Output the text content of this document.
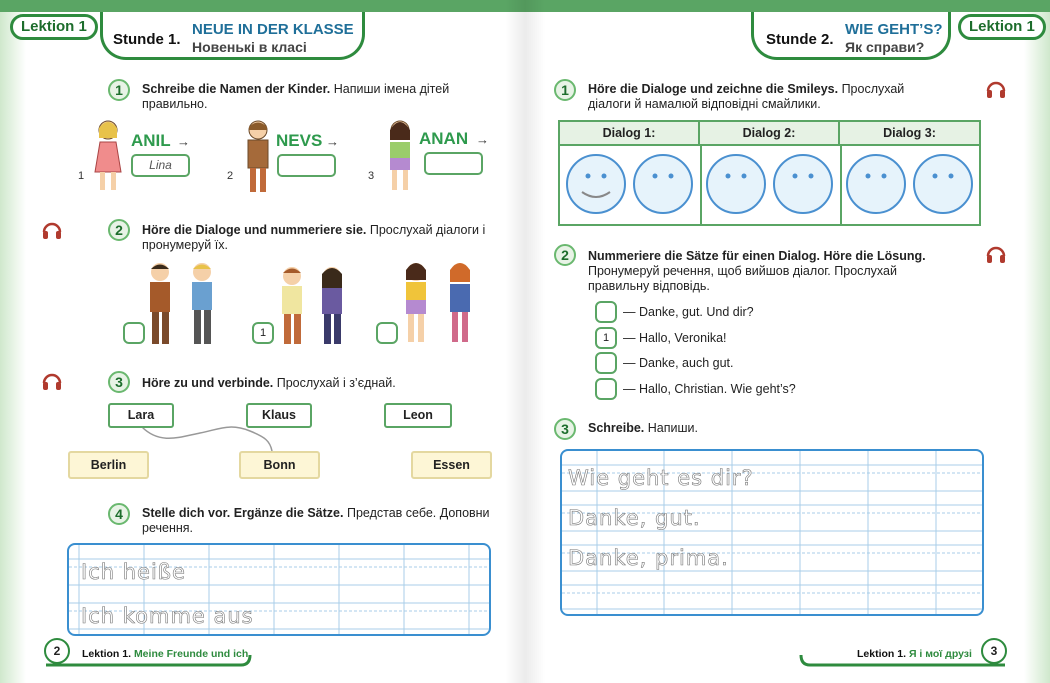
Lektion 1
Stunde 1.
NEUE IN DER KLASSE
Новенькі в класі
1	Schreibe die Namen der Kinder. Напиши імена дітей правильно.
1
ANIL →
Lina
2
NEVS →
3
ANAN →
2	Höre die Dialoge und nummeriere sie. Прослухай діалоги і пронумеруй їх.
1
3	Höre zu und verbinde. Прослухай і з’єднай.
Lara	Klaus	Leon
Berlin	Bonn	Essen
4	Stelle dich vor. Ergänze die Sätze. Представ себе. Доповни речення.
Ich heiße
Ich komme aus
2	Lektion 1. Meine Freunde und ich
Lektion 1
Stunde 2.
WIE GEHT’S?
Як справи?
1	Höre die Dialoge und zeichne die Smileys. Прослухай діалоги й намалюй відповідні смайлики.
Dialog 1:	Dialog 2:	Dialog 3:
2	Nummeriere die Sätze für einen Dialog. Höre die Lösung. Пронумеруй речення, щоб вийшов діалог. Прослухай правильну відповідь.
— Danke, gut. Und dir?
1	— Hallo, Veronika!
— Danke, auch gut.
— Hallo, Christian. Wie geht’s?
3	Schreibe. Напиши.
Wie geht es dir?
Danke, gut.
Danke, prima.
3
Lektion 1. Я і мої друзі
